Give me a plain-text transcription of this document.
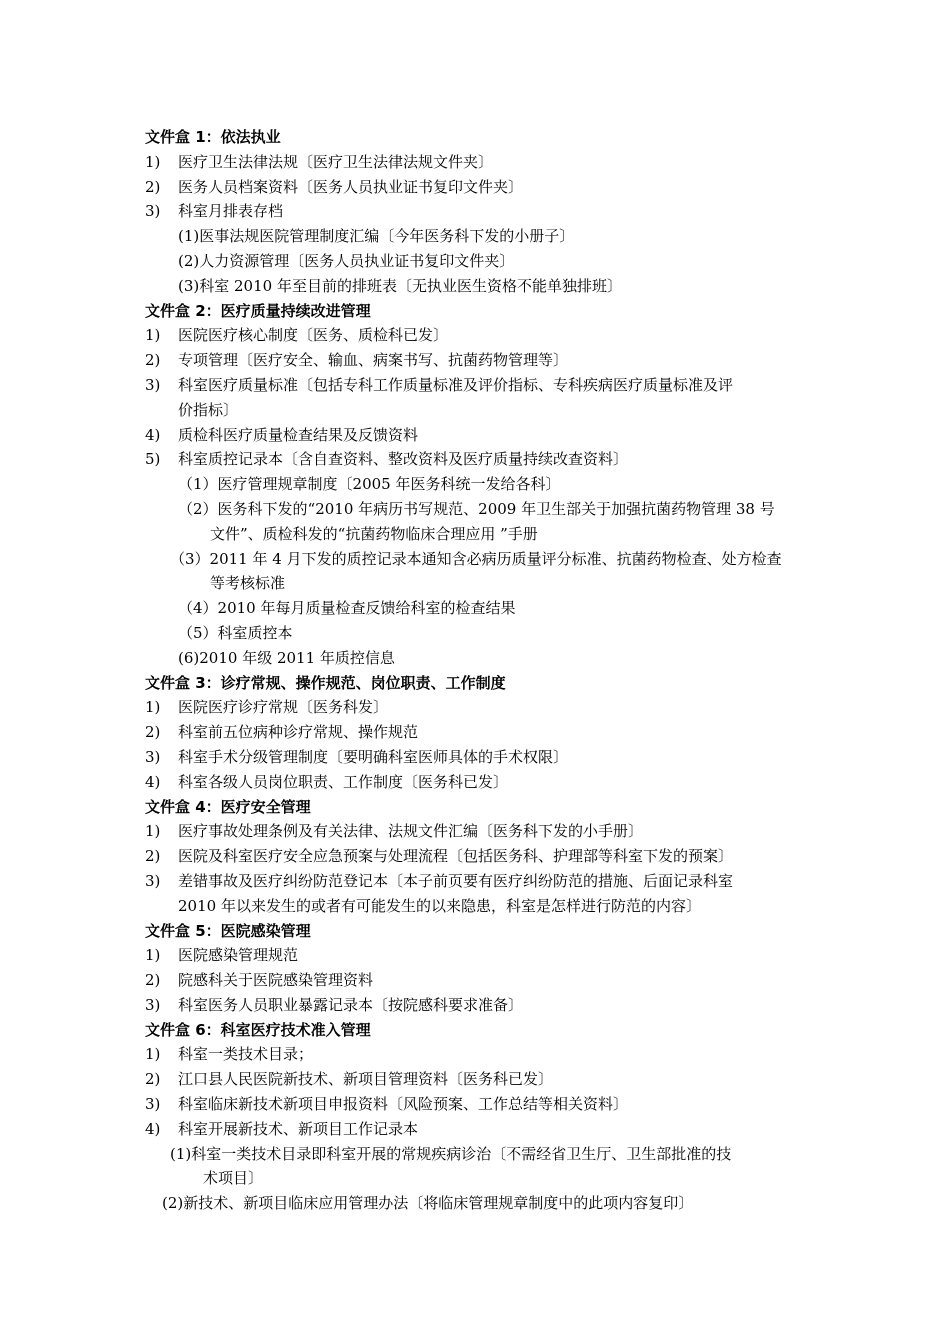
文件盒 1：依法执业
1) 医疗卫生法律法规〔医疗卫生法律法规文件夹〕
2) 医务人员档案资料〔医务人员执业证书复印文件夹〕
3) 科室月排表存档
(1)医事法规医院管理制度汇编〔今年医务科下发的小册子〕
(2)人力资源管理〔医务人员执业证书复印文件夹〕
(3)科室 2010 年至目前的排班表〔无执业医生资格不能单独排班〕
文件盒 2：医疗质量持续改进管理
1) 医院医疗核心制度〔医务、质检科已发〕
2) 专项管理〔医疗安全、输血、病案书写、抗菌药物管理等〕
3) 科室医疗质量标准〔包括专科工作质量标准及评价指标、专科疾病医疗质量标准及评
价指标〕
4) 质检科医疗质量检查结果及反馈资料
5) 科室质控记录本〔含自查资料、整改资料及医疗质量持续改查资料〕
（1）医疗管理规章制度〔2005 年医务科统一发给各科〕
（2）医务科下发的“2010 年病历书写规范、2009 年卫生部关于加强抗菌药物管理 38 号
文件”、质检科发的“抗菌药物临床合理应用 ”手册
（3）2011 年 4 月下发的质控记录本通知含必病历质量评分标准、抗菌药物检查、处方检查
等考核标准
（4）2010 年每月质量检查反馈给科室的检查结果
（5）科室质控本
(6)2010 年级 2011 年质控信息
文件盒 3：诊疗常规、操作规范、岗位职责、工作制度
1) 医院医疗诊疗常规〔医务科发〕
2) 科室前五位病种诊疗常规、操作规范
3) 科室手术分级管理制度〔要明确科室医师具体的手术权限〕
4) 科室各级人员岗位职责、工作制度〔医务科已发〕
文件盒 4：医疗安全管理
1) 医疗事故处理条例及有关法律、法规文件汇编〔医务科下发的小手册〕
2) 医院及科室医疗安全应急预案与处理流程〔包括医务科、护理部等科室下发的预案〕
3) 差错事故及医疗纠纷防范登记本〔本子前页要有医疗纠纷防范的措施、后面记录科室
2010 年以来发生的或者有可能发生的以来隐患，科室是怎样进行防范的内容〕
文件盒 5：医院感染管理
1) 医院感染管理规范
2) 院感科关于医院感染管理资料
3) 科室医务人员职业暴露记录本〔按院感科要求准备〕
文件盒 6：科室医疗技术准入管理
1) 科室一类技术目录；
2) 江口县人民医院新技术、新项目管理资料〔医务科已发〕
3) 科室临床新技术新项目申报资料〔风险预案、工作总结等相关资料〕
4) 科室开展新技术、新项目工作记录本
(1)科室一类技术目录即科室开展的常规疾病诊治〔不需经省卫生厅、卫生部批准的技
术项目〕
(2)新技术、新项目临床应用管理办法〔将临床管理规章制度中的此项内容复印〕
